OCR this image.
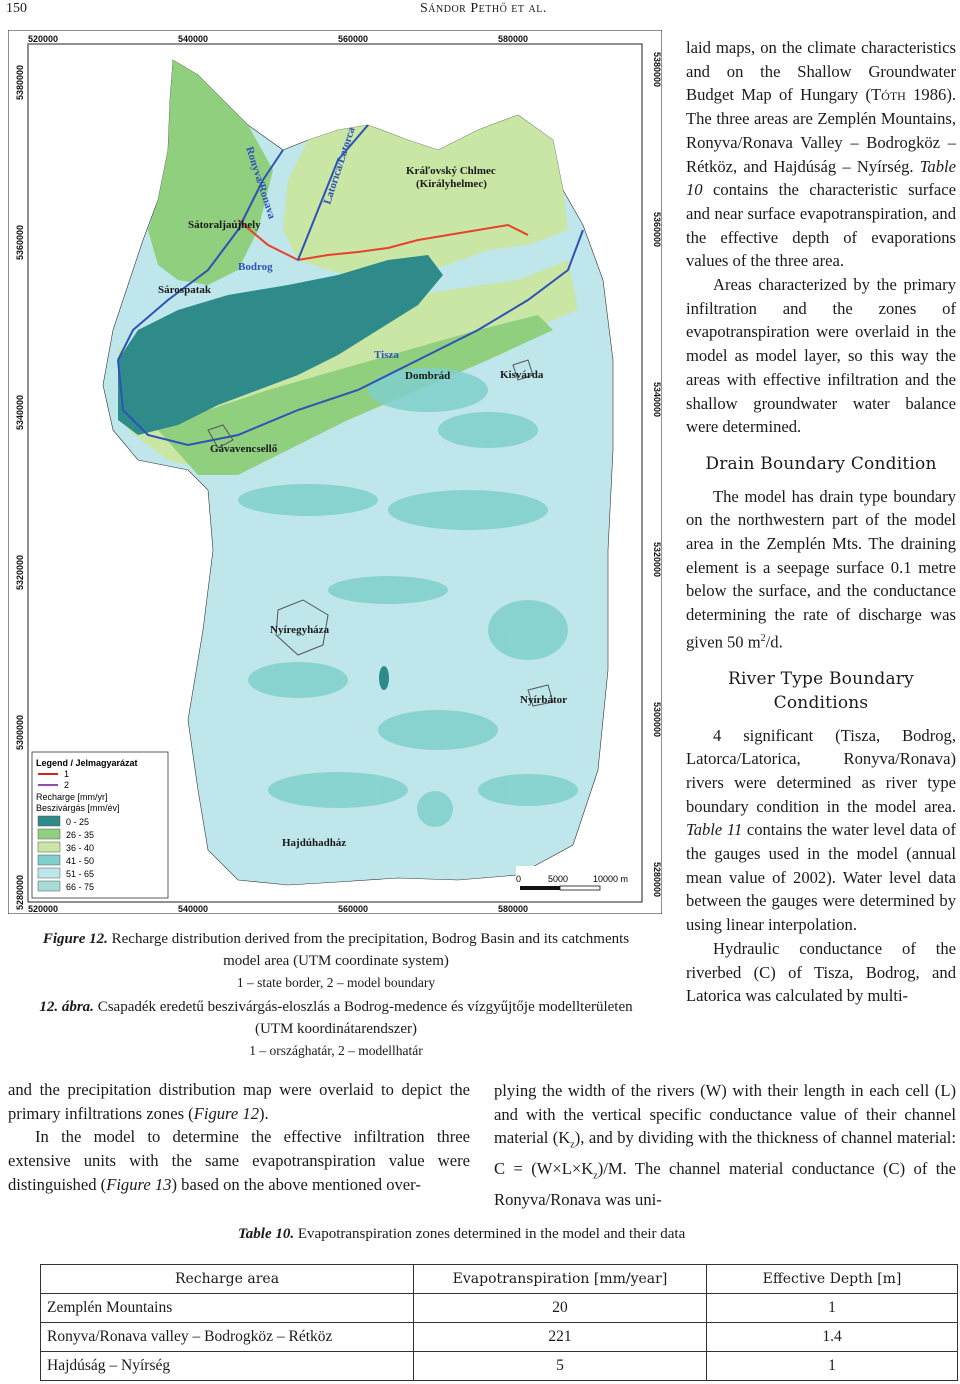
150	Sándor Pethő et al.
520000	540000	560000	580000
520000	540000	560000	580000
5380000
5360000
5340000
5320000
5300000
5280000
5380000
5360000
5340000
5320000
5300000
5280000
Kráľovský Chlmec
(Királyhelmec)
Sátoraljaújhely
Sárospatak
Bodrog
Tisza
Dombrád	Kisvárda
Gávavencsellő
Nyíregyháza
Nyírbátor
Hajdúhadház
Ronyva/Ronava	Latorica/Latorca
Legend / Jelmagyarázat
1
2
Recharge [mm/yr]
Beszivárgás [mm/év]
0 - 25
26 - 35
36 - 40
41 - 50
51 - 65
66 - 75
0	5000	10000 m
Figure 12. Recharge distribution derived from the precipitation, Bodrog Basin and its catchments
model area (UTM coordinate system)
1 – state border, 2 – model boundary
12. ábra. Csapadék eredetű beszivárgás-eloszlás a Bodrog-medence és vízgyűjtője modellterületen
(UTM koordinátarendszer)
1 – országhatár, 2 – modellhatár

laid maps, on the climate characteristics and on the Shallow Groundwater Budget Map of Hungary (Tóth 1986). The three areas are Zemplén Mountains, Ronyva/Ronava Valley – Bodrogköz – Rétköz, and Hajdúság – Nyírség. Table 10 contains the characteristic surface and near surface evapotranspiration, and the effective depth of evaporations values of the three area.

Areas characterized by the primary infiltration and the zones of evapotranspiration were overlaid in the model as model layer, so this way the areas with effective infiltration and the shallow groundwater water balance were determined.

Drain Boundary Condition

The model has drain type boundary on the northwestern part of the model area in the Zemplén Mts. The draining element is a seepage surface 0.1 metre below the surface, and the conductance determining the rate of discharge was given 50 $m^2/d$.

River Type Boundary

Conditions

4 significant (Tisza, Bodrog, Latorca/Latorica, Ronyva/Ronava) rivers were determined as river type boundary condition in the model area. Table 11 contains the water level data of the gauges used in the model (annual mean value of 2002). Water level data between the gauges were determined by using linear interpolation.

Hydraulic conductance of the riverbed (C) of Tisza, Bodrog, and Latorica was calculated by multi-

and the precipitation distribution map were overlaid to depict the primary infiltrations zones (Figure 12).

In the model to determine the effective infiltration three extensive units with the same evapotranspiration value were distinguished (Figure 13) based on the above mentioned over-

plying the width of the rivers (W) with their length in each cell (L) and with the vertical specific conductance value of their channel material $(K_z)$, and by dividing with the thickness of channel material: $C = (W\times L\times K_z)/M$. The channel material conductance (C) of the Ronyva/Ronava was uni-

Table 10. Evapotranspiration zones determined in the model and their data
Recharge area	Evapotranspiration [mm/year]	Effective Depth [m]
Zemplén Mountains	20	1
Ronyva/Ronava valley – Bodrogköz – Rétköz	221	1.4
Hajdúság – Nyírség	5	1
